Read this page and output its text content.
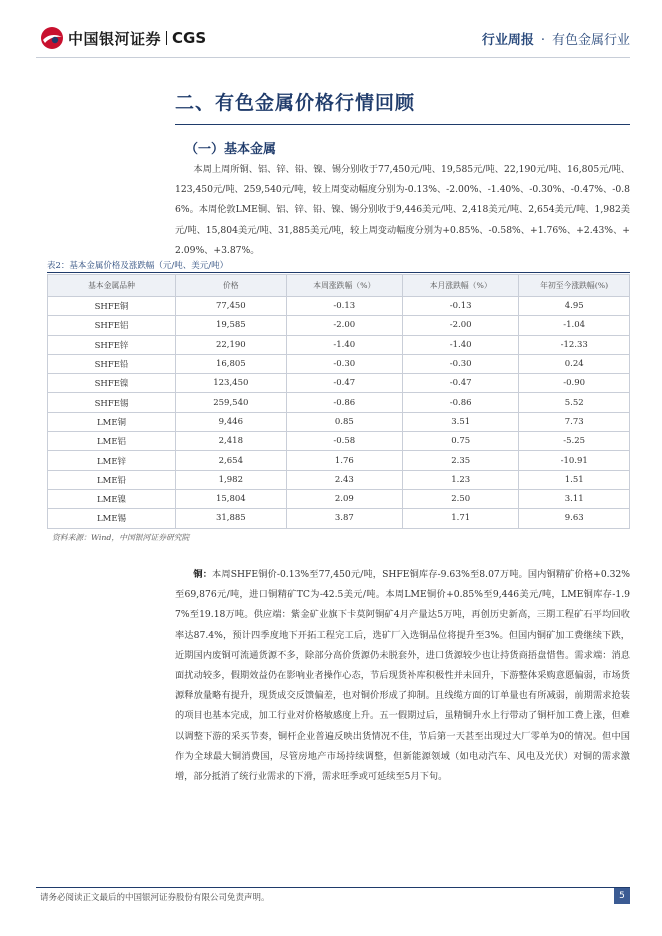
中国银河证券 CGS	行业周报 · 有色金属行业
二、有色金属价格行情回顾
（一）基本金属

本周上周所铜、铝、锌、铅、镍、锡分别收于77,450元/吨、19,585元/吨、22,190元/吨、16,805元/吨、123,450元/吨、259,540元/吨，较上周变动幅度分别为-0.13%、-2.00%、-1.40%、-0.30%、-0.47%、-0.86%。本周伦敦LME铜、铝、锌、铅、镍、锡分别收于9,446美元/吨、2,418美元/吨、2,654美元/吨、1,982美元/吨、15,804美元/吨、31,885美元/吨，较上周变动幅度分别为+0.85%、-0.58%、+1.76%、+2.43%、+2.09%、+3.87%。

表2：基本金属价格及涨跌幅（元/吨、美元/吨）
基本金属品种	价格	本周涨跌幅（%）	本月涨跌幅（%）	年初至今涨跌幅(%)
SHFE铜	77,450	-0.13	-0.13	4.95
SHFE铝	19,585	-2.00	-2.00	-1.04
SHFE锌	22,190	-1.40	-1.40	-12.33
SHFE铅	16,805	-0.30	-0.30	0.24
SHFE镍	123,450	-0.47	-0.47	-0.90
SHFE锡	259,540	-0.86	-0.86	5.52
LME铜	9,446	0.85	3.51	7.73
LME铝	2,418	-0.58	0.75	-5.25
LME锌	2,654	1.76	2.35	-10.91
LME铅	1,982	2.43	1.23	1.51
LME镍	15,804	2.09	2.50	3.11
LME锡	31,885	3.87	1.71	9.63
资料来源：Wind，中国银河证券研究院

铜：本周SHFE铜价-0.13%至77,450元/吨，SHFE铜库存-9.63%至8.07万吨。国内铜精矿价格+0.32%至69,876元/吨，进口铜精矿TC为-42.5美元/吨。本周LME铜价+0.85%至9,446美元/吨，LME铜库存-1.97%至19.18万吨。供应端：紫金矿业旗下卡莫阿铜矿4月产量达5万吨，再创历史新高，三期工程矿石平均回收率达87.4%，预计四季度地下开拓工程完工后，选矿厂入选铜品位将提升至3%。但国内铜矿加工费继续下跌，近期国内废铜可流通货源不多，除部分高价货源仍未脱套外，进口货源较少也让持货商捂盘惜售。需求端：消息面扰动较多，假期效益仍在影响业者操作心态，节后现货补库积极性并未回升，下游整体采购意愿偏弱，市场货源释放量略有提升，现货成交反馈偏差，也对铜价形成了抑制。且线缆方面的订单量也有所减弱，前期需求抢装的项目也基本完成，加工行业对价格敏感度上升。五一假期过后，虽精铜升水上行带动了铜杆加工费上涨，但难以调整下游的采买节奏，铜杆企业普遍反映出货情况不佳，节后第一天甚至出现过大厂零单为0的情况。但中国作为全球最大铜消费国，尽管房地产市场持续调整，但新能源领域（如电动汽车、风电及光伏）对铜的需求激增，部分抵消了统行业需求的下滑，需求旺季或可延续至5月下旬。

请务必阅读正文最后的中国银河证券股份有限公司免责声明。	5
